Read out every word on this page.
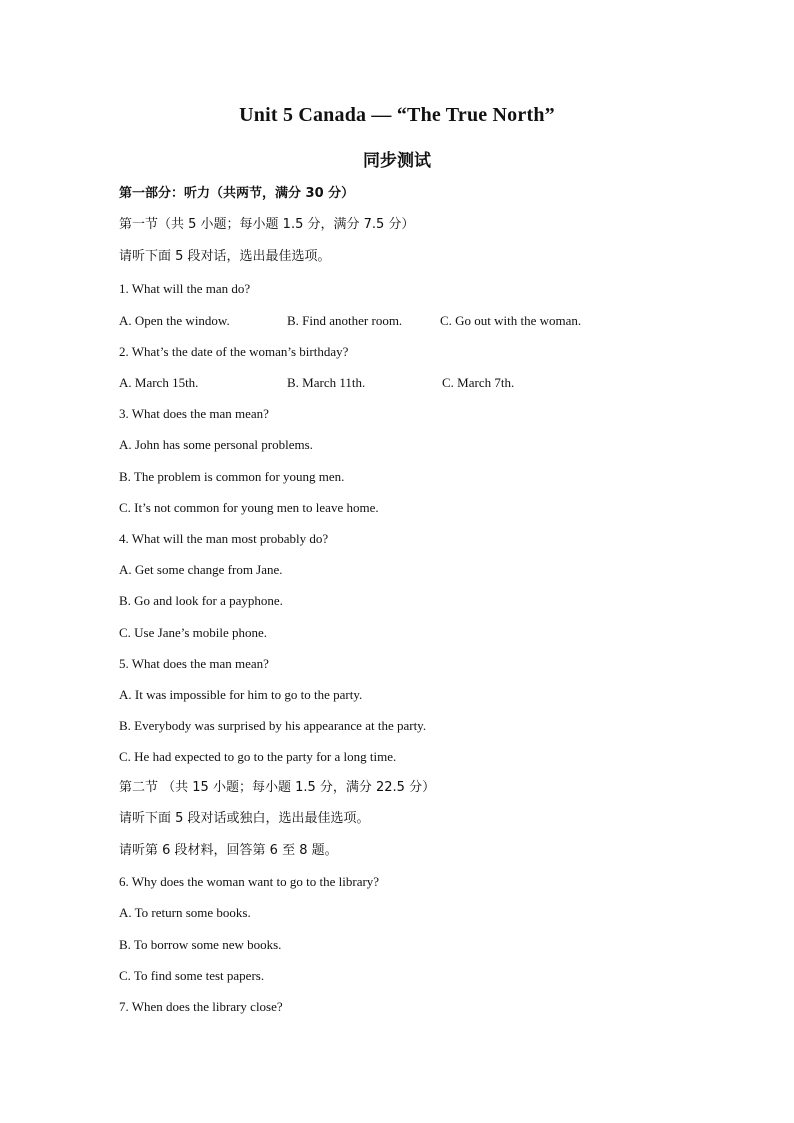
Unit 5 Canada — “The True North”
同步测试
第一部分：听力（共两节，满分 30 分）
第一节（共 5 小题；每小题 1.5 分，满分 7.5 分）
请听下面 5 段对话，选出最佳选项。
1. What will the man do?
A. Open the window.	B. Find another room.	C. Go out with the woman.
2. What’s the date of the woman’s birthday?
A. March 15th.	B. March 11th.	C. March 7th.
3. What does the man mean?
A. John has some personal problems.
B. The problem is common for young men.
C. It’s not common for young men to leave home.
4. What will the man most probably do?
A. Get some change from Jane.
B. Go and look for a payphone.
C. Use Jane’s mobile phone.
5. What does the man mean?
A. It was impossible for him to go to the party.
B. Everybody was surprised by his appearance at the party.
C. He had expected to go to the party for a long time.
第二节 （共 15 小题；每小题 1.5 分，满分 22.5 分）
请听下面 5 段对话或独白，选出最佳选项。
请听第 6 段材料，回答第 6 至 8 题。
6. Why does the woman want to go to the library?
A. To return some books.
B. To borrow some new books.
C. To find some test papers.
7. When does the library close?
